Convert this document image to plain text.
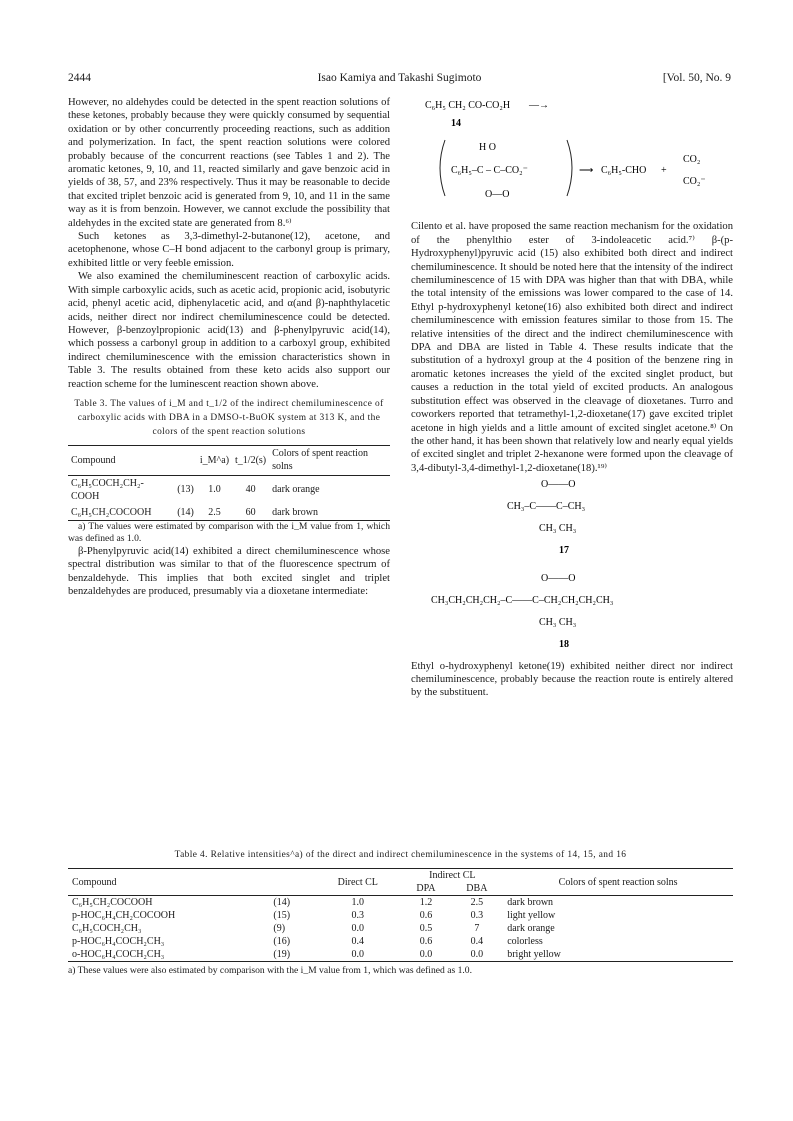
2444	Isao Kamiya and Takashi Sugimoto	[Vol. 50, No. 9

However, no aldehydes could be detected in the spent reaction solutions of these ketones, probably because they were quickly consumed by sequential oxidation or by other concurrently proceeding reactions, such as addition and polymerization. In fact, the spent reaction solutions were colored probably because of the concurrent reactions (see Tables 1 and 2). The aromatic ketones, 9, 10, and 11, reacted similarly and gave benzoic acid in yields of 38, 57, and 23% respectively. Thus it may be reasonable to decide that excited triplet benzoic acid is generated from 9, 10, and 11 in the same way as it is from benzoin. However, we cannot exclude the possibility that aldehydes in the excited state are generated from 8.⁶⁾

Such ketones as 3,3-dimethyl-2-butanone(12), acetone, and acetophenone, whose C–H bond adjacent to the carbonyl group is primary, exhibited little or very feeble emission.

We also examined the chemiluminescent reaction of carboxylic acids. With simple carboxylic acids, such as acetic acid, propionic acid, isobutyric acid, phenyl acetic acid, diphenylacetic acid, and α(and β)-naphthylacetic acids, neither direct nor indirect chemiluminescence could be detected. However, β-benzoylpropionic acid(13) and β-phenylpyruvic acid(14), which possess a carbonyl group in addition to a carboxyl group, exhibited indirect chemiluminescence with the emission characteristics shown in Table 3. The results obtained from these keto acids also support our reaction scheme for the luminescent reaction shown above.

Table 3. The values of i_M and t_1/2 of the indirect chemiluminescence of carboxylic acids with DBA in a DMSO-t-BuOK system at 313 K, and the colors of the spent reaction solutions
Compound		i_M^a)	t_1/2(s)	Colors of spent reaction solns
C₆H₅COCH₂CH₂-COOH	(13)	1.0	40	dark orange
C₆H₅CH₂COCOOH	(14)	2.5	60	dark brown

a) The values were estimated by comparison with the i_M value from 1, which was defined as 1.0.

β-Phenylpyruvic acid(14) exhibited a direct chemiluminescence whose spectral distribution was similar to that of the fluorescence spectrum of benzaldehyde. This implies that both excited singlet and triplet benzaldehydes are produced, presumably via a dioxetane intermediate:

C₆H₅ CH₂ CO-CO₂H —→
14
H O
C₆H₅–C – C–CO₂⁻
O—O
⟶ C₆H₅-CHO +
CO₂
CO₂⁻

Cilento et al. have proposed the same reaction mechanism for the oxidation of the phenylthio ester of 3-indoleacetic acid.⁷⁾ β-(p-Hydroxyphenyl)pyruvic acid (15) also exhibited both direct and indirect chemiluminescence. It should be noted here that the intensity of the indirect chemiluminescence of 15 with DPA was higher than that with DBA, while the total intensity of the emissions was lower compared to the case of 14. Ethyl p-hydroxyphenyl ketone(16) also exhibited both direct and indirect chemiluminescence with emission features similar to those from 15. The relative intensities of the direct and the indirect chemiluminescence with DPA and DBA are listed in Table 4. These results indicate that the substitution of a hydroxyl group at the 4 position of the benzene ring in aromatic ketones increases the yield of the excited singlet product, but causes a reduction in the total yield of excited products. An analogous substitution effect was observed in the cleavage of dioxetanes. Turro and coworkers reported that tetramethyl-1,2-dioxetane(17) gave excited triplet acetone in high yields and a little amount of excited singlet acetone.⁸⁾ On the other hand, it has been shown that relatively low and nearly equal yields of excited singlet and triplet 2-hexanone were formed upon the cleavage of 3,4-dibutyl-3,4-dimethyl-1,2-dioxetane(18).¹⁹⁾

O——O
CH₃–C——C–CH₃
CH₃ CH₃
17
O——O
CH₃CH₂CH₂CH₂–C——C–CH₂CH₂CH₂CH₃
CH₃ CH₃
18

Ethyl o-hydroxyphenyl ketone(19) exhibited neither direct nor indirect chemiluminescence, probably because the reaction route is entirely altered by the substituent.

Table 4. Relative intensities^a) of the direct and indirect chemiluminescence in the systems of 14, 15, and 16
Compound		Direct CL	Indirect CL		Colors of spent reaction solns
			DPA	DBA	
C₆H₅CH₂COCOOH	(14)	1.0	1.2	2.5	dark brown
p-HOC₆H₄CH₂COCOOH	(15)	0.3	0.6	0.3	light yellow
C₆H₅COCH₂CH₃	(9)	0.0	0.5	7	dark orange
p-HOC₆H₄COCH₂CH₃	(16)	0.4	0.6	0.4	colorless
o-HOC₆H₄COCH₂CH₃	(19)	0.0	0.0	0.0	bright yellow

a) These values were also estimated by comparison with the i_M value from 1, which was defined as 1.0.
